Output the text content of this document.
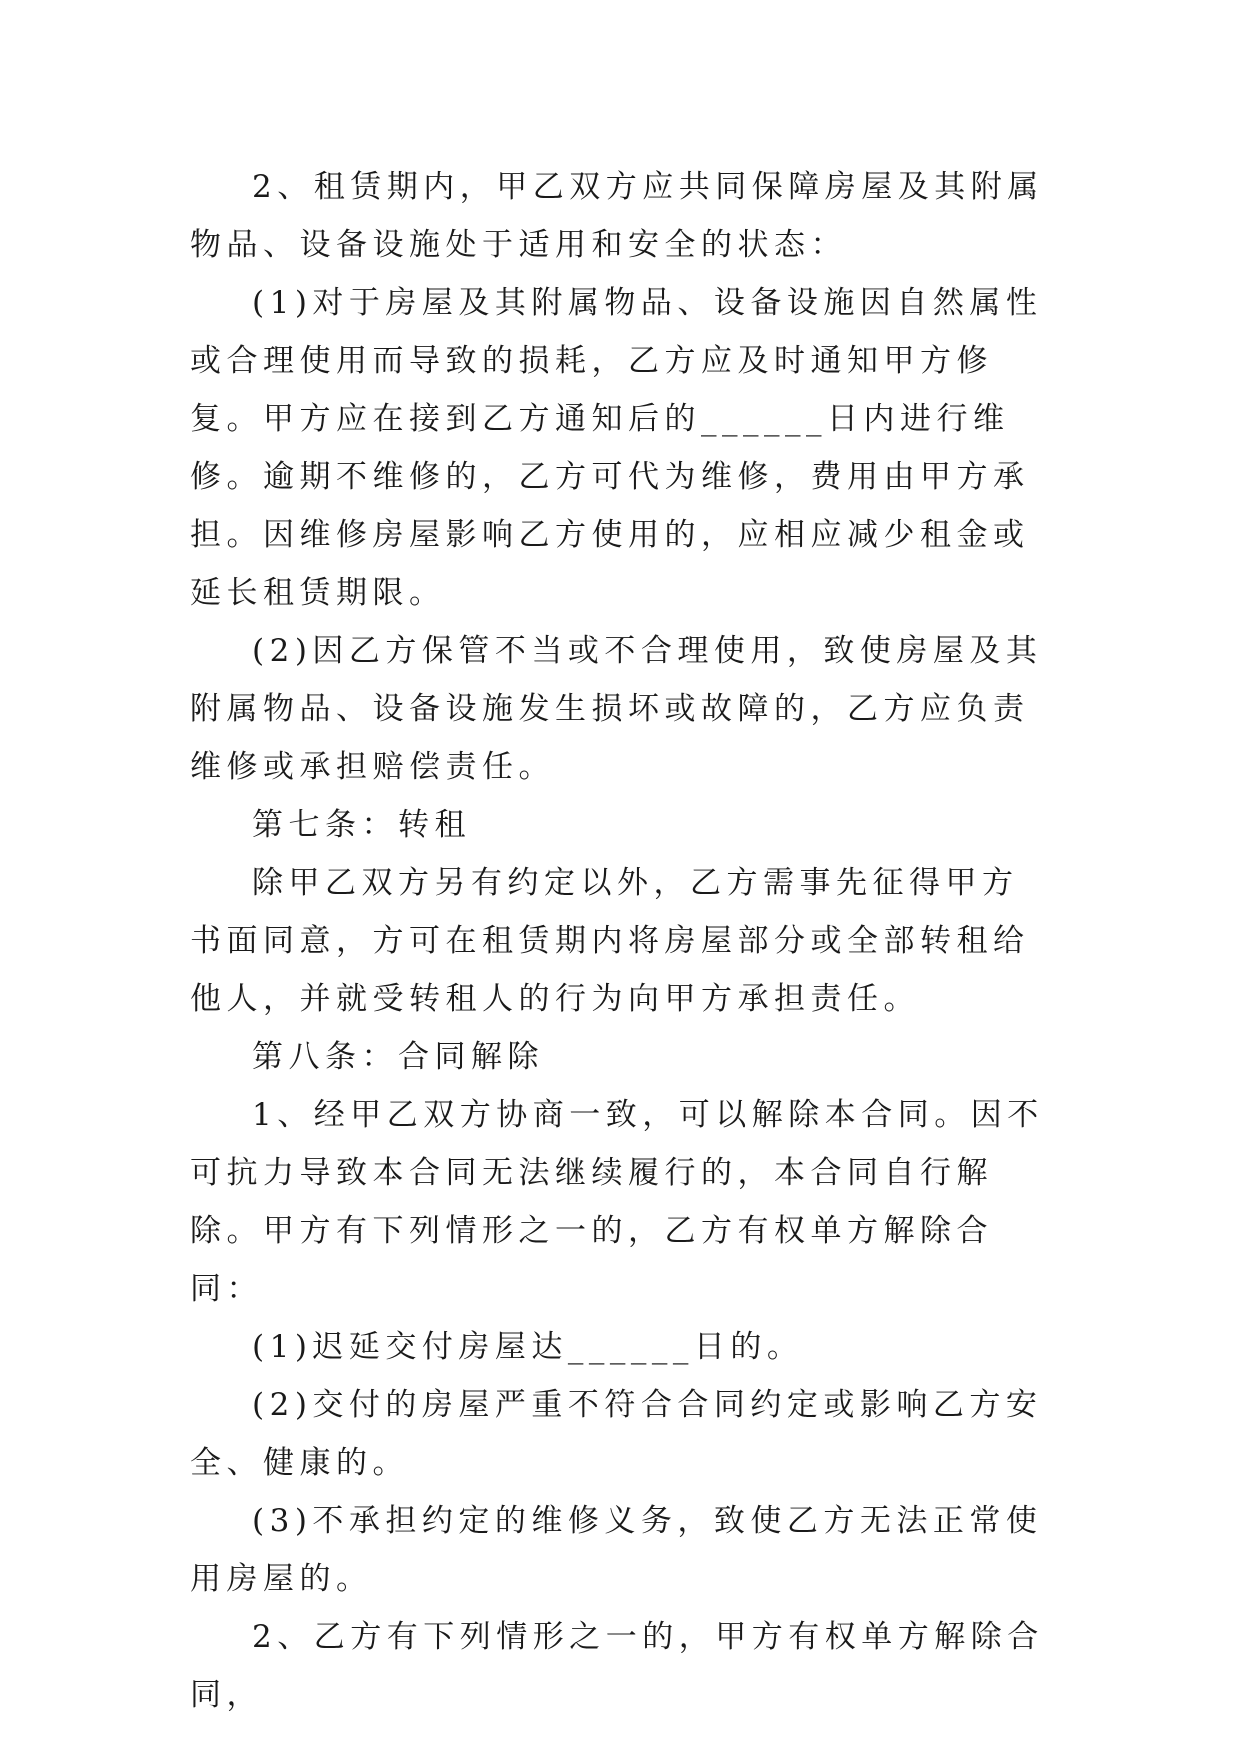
2、租赁期内，甲乙双方应共同保障房屋及其附属物品、设备设施处于适用和安全的状态：

(1)对于房屋及其附属物品、设备设施因自然属性或合理使用而导致的损耗，乙方应及时通知甲方修复。甲方应在接到乙方通知后的______日内进行维修。逾期不维修的，乙方可代为维修，费用由甲方承担。因维修房屋影响乙方使用的，应相应减少租金或延长租赁期限。

(2)因乙方保管不当或不合理使用，致使房屋及其附属物品、设备设施发生损坏或故障的，乙方应负责维修或承担赔偿责任。

第七条：转租

除甲乙双方另有约定以外，乙方需事先征得甲方书面同意，方可在租赁期内将房屋部分或全部转租给他人，并就受转租人的行为向甲方承担责任。

第八条：合同解除

1、经甲乙双方协商一致，可以解除本合同。因不可抗力导致本合同无法继续履行的，本合同自行解除。甲方有下列情形之一的，乙方有权单方解除合同：

(1)迟延交付房屋达______日的。

(2)交付的房屋严重不符合合同约定或影响乙方安全、健康的。

(3)不承担约定的维修义务，致使乙方无法正常使用房屋的。

2、乙方有下列情形之一的，甲方有权单方解除合同，
